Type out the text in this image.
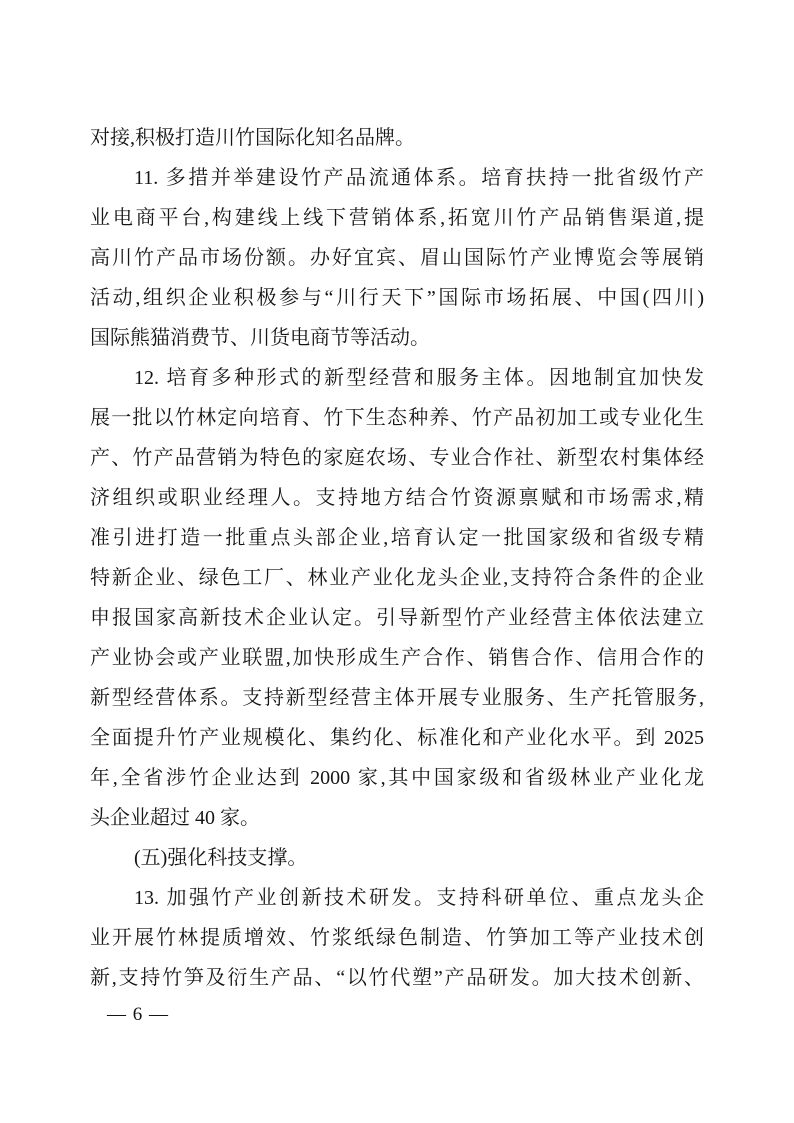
对接,积极打造川竹国际化知名品牌。

11. 多措并举建设竹产品流通体系。培育扶持一批省级竹产

业电商平台,构建线上线下营销体系,拓宽川竹产品销售渠道,提

高川竹产品市场份额。办好宜宾、眉山国际竹产业博览会等展销

活动,组织企业积极参与“川行天下”国际市场拓展、中国(四川)

国际熊猫消费节、川货电商节等活动。

12. 培育多种形式的新型经营和服务主体。因地制宜加快发

展一批以竹林定向培育、竹下生态种养、竹产品初加工或专业化生

产、竹产品营销为特色的家庭农场、专业合作社、新型农村集体经

济组织或职业经理人。支持地方结合竹资源禀赋和市场需求,精

准引进打造一批重点头部企业,培育认定一批国家级和省级专精

特新企业、绿色工厂、林业产业化龙头企业,支持符合条件的企业

申报国家高新技术企业认定。引导新型竹产业经营主体依法建立

产业协会或产业联盟,加快形成生产合作、销售合作、信用合作的

新型经营体系。支持新型经营主体开展专业服务、生产托管服务,

全面提升竹产业规模化、集约化、标准化和产业化水平。到 2025

年,全省涉竹企业达到 2000 家,其中国家级和省级林业产业化龙

头企业超过 40 家。

(五)强化科技支撑。

13. 加强竹产业创新技术研发。支持科研单位、重点龙头企

业开展竹林提质增效、竹浆纸绿色制造、竹笋加工等产业技术创

新,支持竹笋及衍生产品、“以竹代塑”产品研发。加大技术创新、

— 6 —
